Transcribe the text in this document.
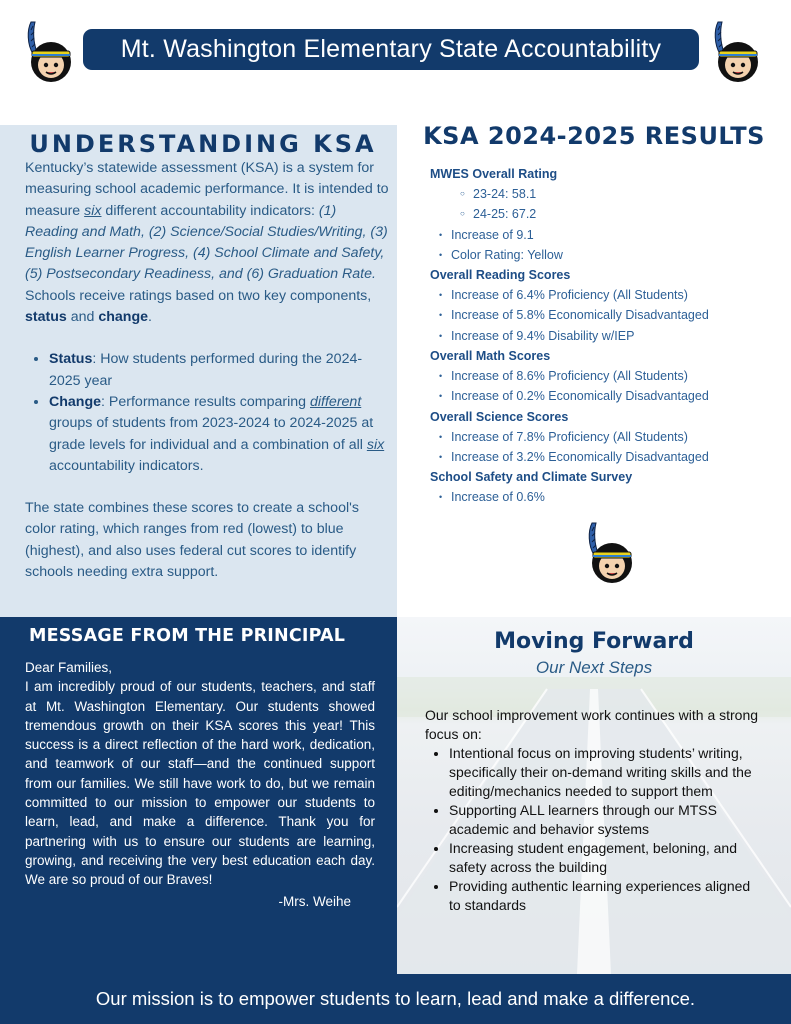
Mt. Washington Elementary State Accountability
UNDERSTANDING KSA

Kentucky’s statewide assessment (KSA) is a system for measuring school academic performance. It is intended to measure six different accountability indicators: (1) Reading and Math, (2) Science/Social Studies/Writing, (3) English Learner Progress, (4) School Climate and Safety, (5) Postsecondary Readiness, and (6) Graduation Rate. Schools receive ratings based on two key components, status and change.

• Status: How students performed during the 2024-2025 year
• Change: Performance results comparing different groups of students from 2023-2024 to 2024-2025 at grade levels for individual and a combination of all six accountability indicators.

The state combines these scores to create a school's color rating, which ranges from red (lowest) to blue (highest), and also uses federal cut scores to identify schools needing extra support.

KSA 2024-2025 RESULTS
MWES Overall Rating
○ 23-24: 58.1
○ 24-25: 67.2
• Increase of 9.1
• Color Rating: Yellow
Overall Reading Scores
• Increase of 6.4% Proficiency (All Students)
• Increase of 5.8% Economically Disadvantaged
• Increase of 9.4% Disability w/IEP
Overall Math Scores
• Increase of 8.6% Proficiency (All Students)
• Increase of 0.2% Economically Disadvantaged
Overall Science Scores
• Increase of 7.8% Proficiency (All Students)
• Increase of 3.2% Economically Disadvantaged
School Safety and Climate Survey
• Increase of 0.6%
MESSAGE FROM THE PRINCIPAL
Dear Families,
I am incredibly proud of our students, teachers, and staff at Mt. Washington Elementary. Our students showed tremendous growth on their KSA scores this year! This success is a direct reflection of the hard work, dedication, and teamwork of our staff—and the continued support from our families. We still have work to do, but we remain committed to our mission to empower our students to learn, lead, and make a difference. Thank you for partnering with us to ensure our students are learning, growing, and receiving the very best education each day. We are so proud of our Braves!
-Mrs. Weihe
Moving Forward
Our Next Steps
Our school improvement work continues with a strong focus on:
• Intentional focus on improving students’ writing, specifically their on-demand writing skills and the editing/mechanics needed to support them
• Supporting ALL learners through our MTSS academic and behavior systems
• Increasing student engagement, beloning, and safety across the building
• Providing authentic learning experiences aligned to standards
Our mission is to empower students to learn, lead and make a difference.
